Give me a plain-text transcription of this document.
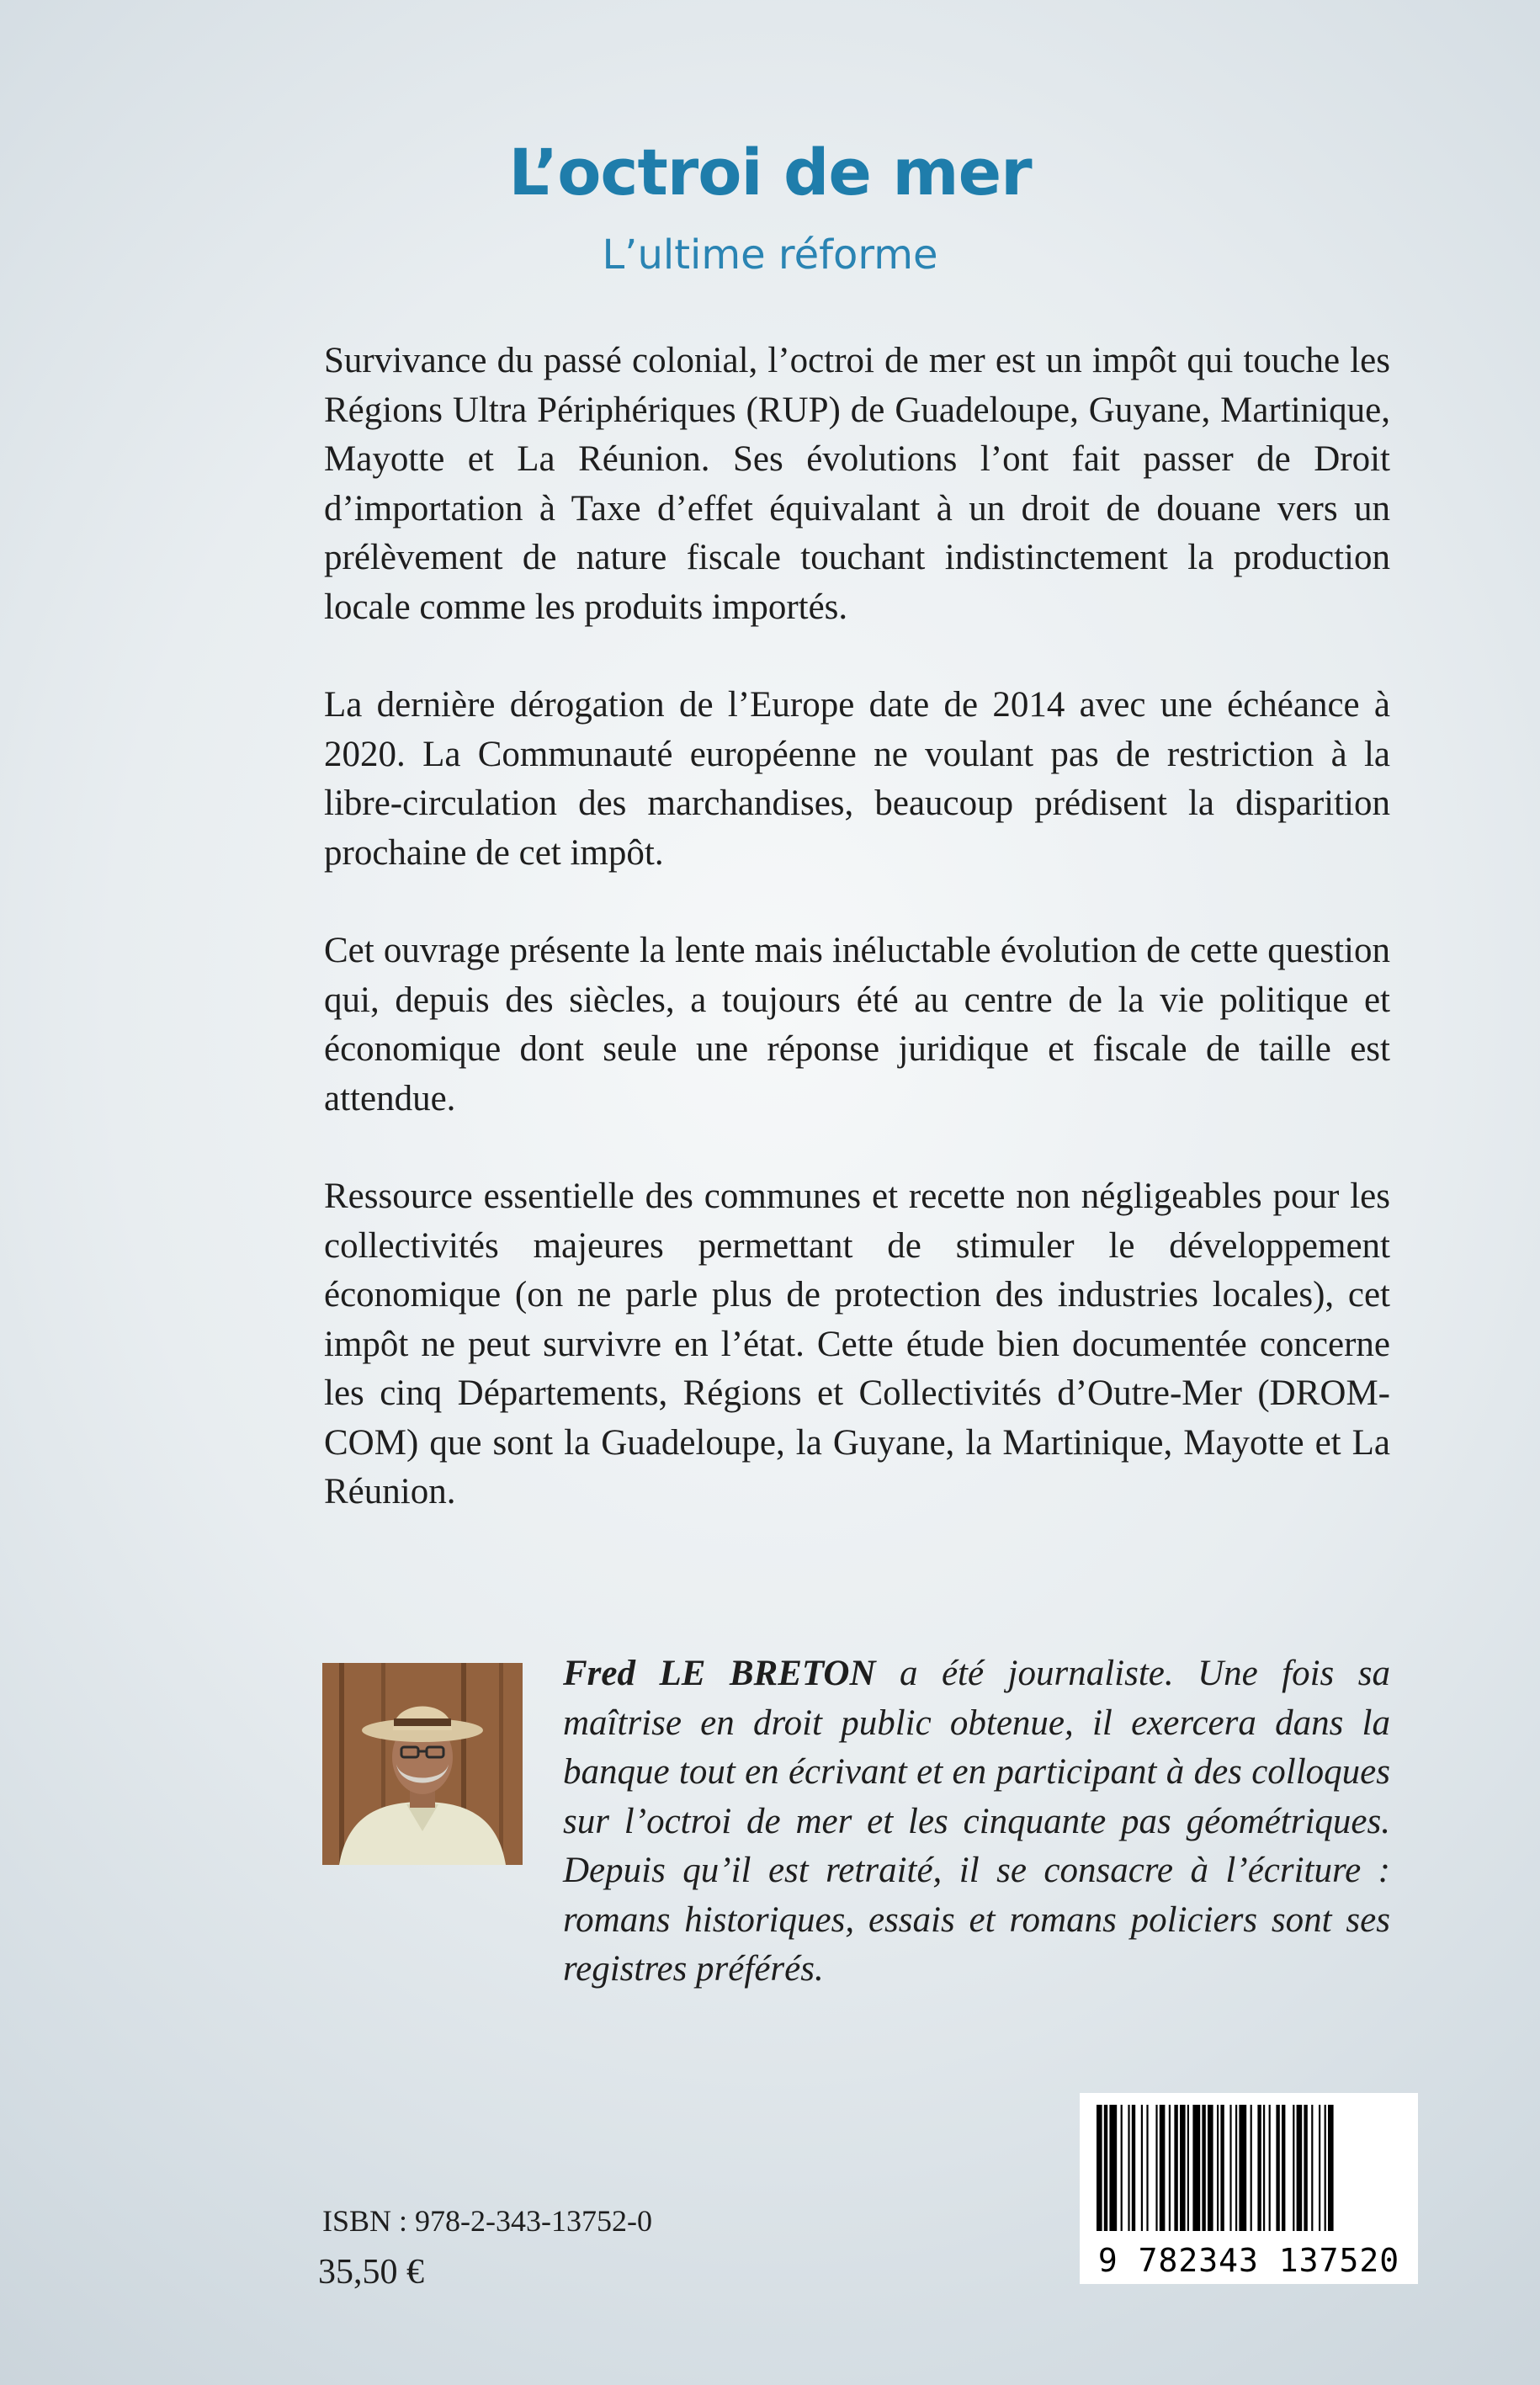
L’octroi de mer
L’ultime réforme

Survivance du passé colonial, l’octroi de mer est un impôt qui touche les Régions Ultra Périphériques (RUP) de Guadeloupe, Guyane, Martinique, Mayotte et La Réunion. Ses évolutions l’ont fait passer de Droit d’importation à Taxe d’effet équivalant à un droit de douane vers un prélèvement de nature fiscale touchant indistinctement la production locale comme les produits importés.

La dernière dérogation de l’Europe date de 2014 avec une échéance à 2020. La Communauté européenne ne voulant pas de restriction à la libre-circulation des marchandises, beaucoup prédisent la disparition prochaine de cet impôt.

Cet ouvrage présente la lente mais inéluctable évolution de cette question qui, depuis des siècles, a toujours été au centre de la vie politique et économique dont seule une réponse juridique et fiscale de taille est attendue.

Ressource essentielle des communes et recette non négligeables pour les collectivités majeures permettant de stimuler le développement économique (on ne parle plus de protection des industries locales), cet impôt ne peut survivre en l’état. Cette étude bien documentée concerne les cinq Départements, Régions et Collectivités d’Outre-Mer (DROM-COM) que sont la Guadeloupe, la Guyane, la Martinique, Mayotte et La Réunion.

Fred LE BRETON a été journaliste. Une fois sa maîtrise en droit public obtenue, il exercera dans la banque tout en écrivant et en participant à des colloques sur l’octroi de mer et les cinquante pas géométriques. Depuis qu’il est retraité, il se consacre à l’écriture : romans historiques, essais et romans policiers sont ses registres préférés.
ISBN : 978-2-343-13752-0
35,50 €	9 782343 137520
